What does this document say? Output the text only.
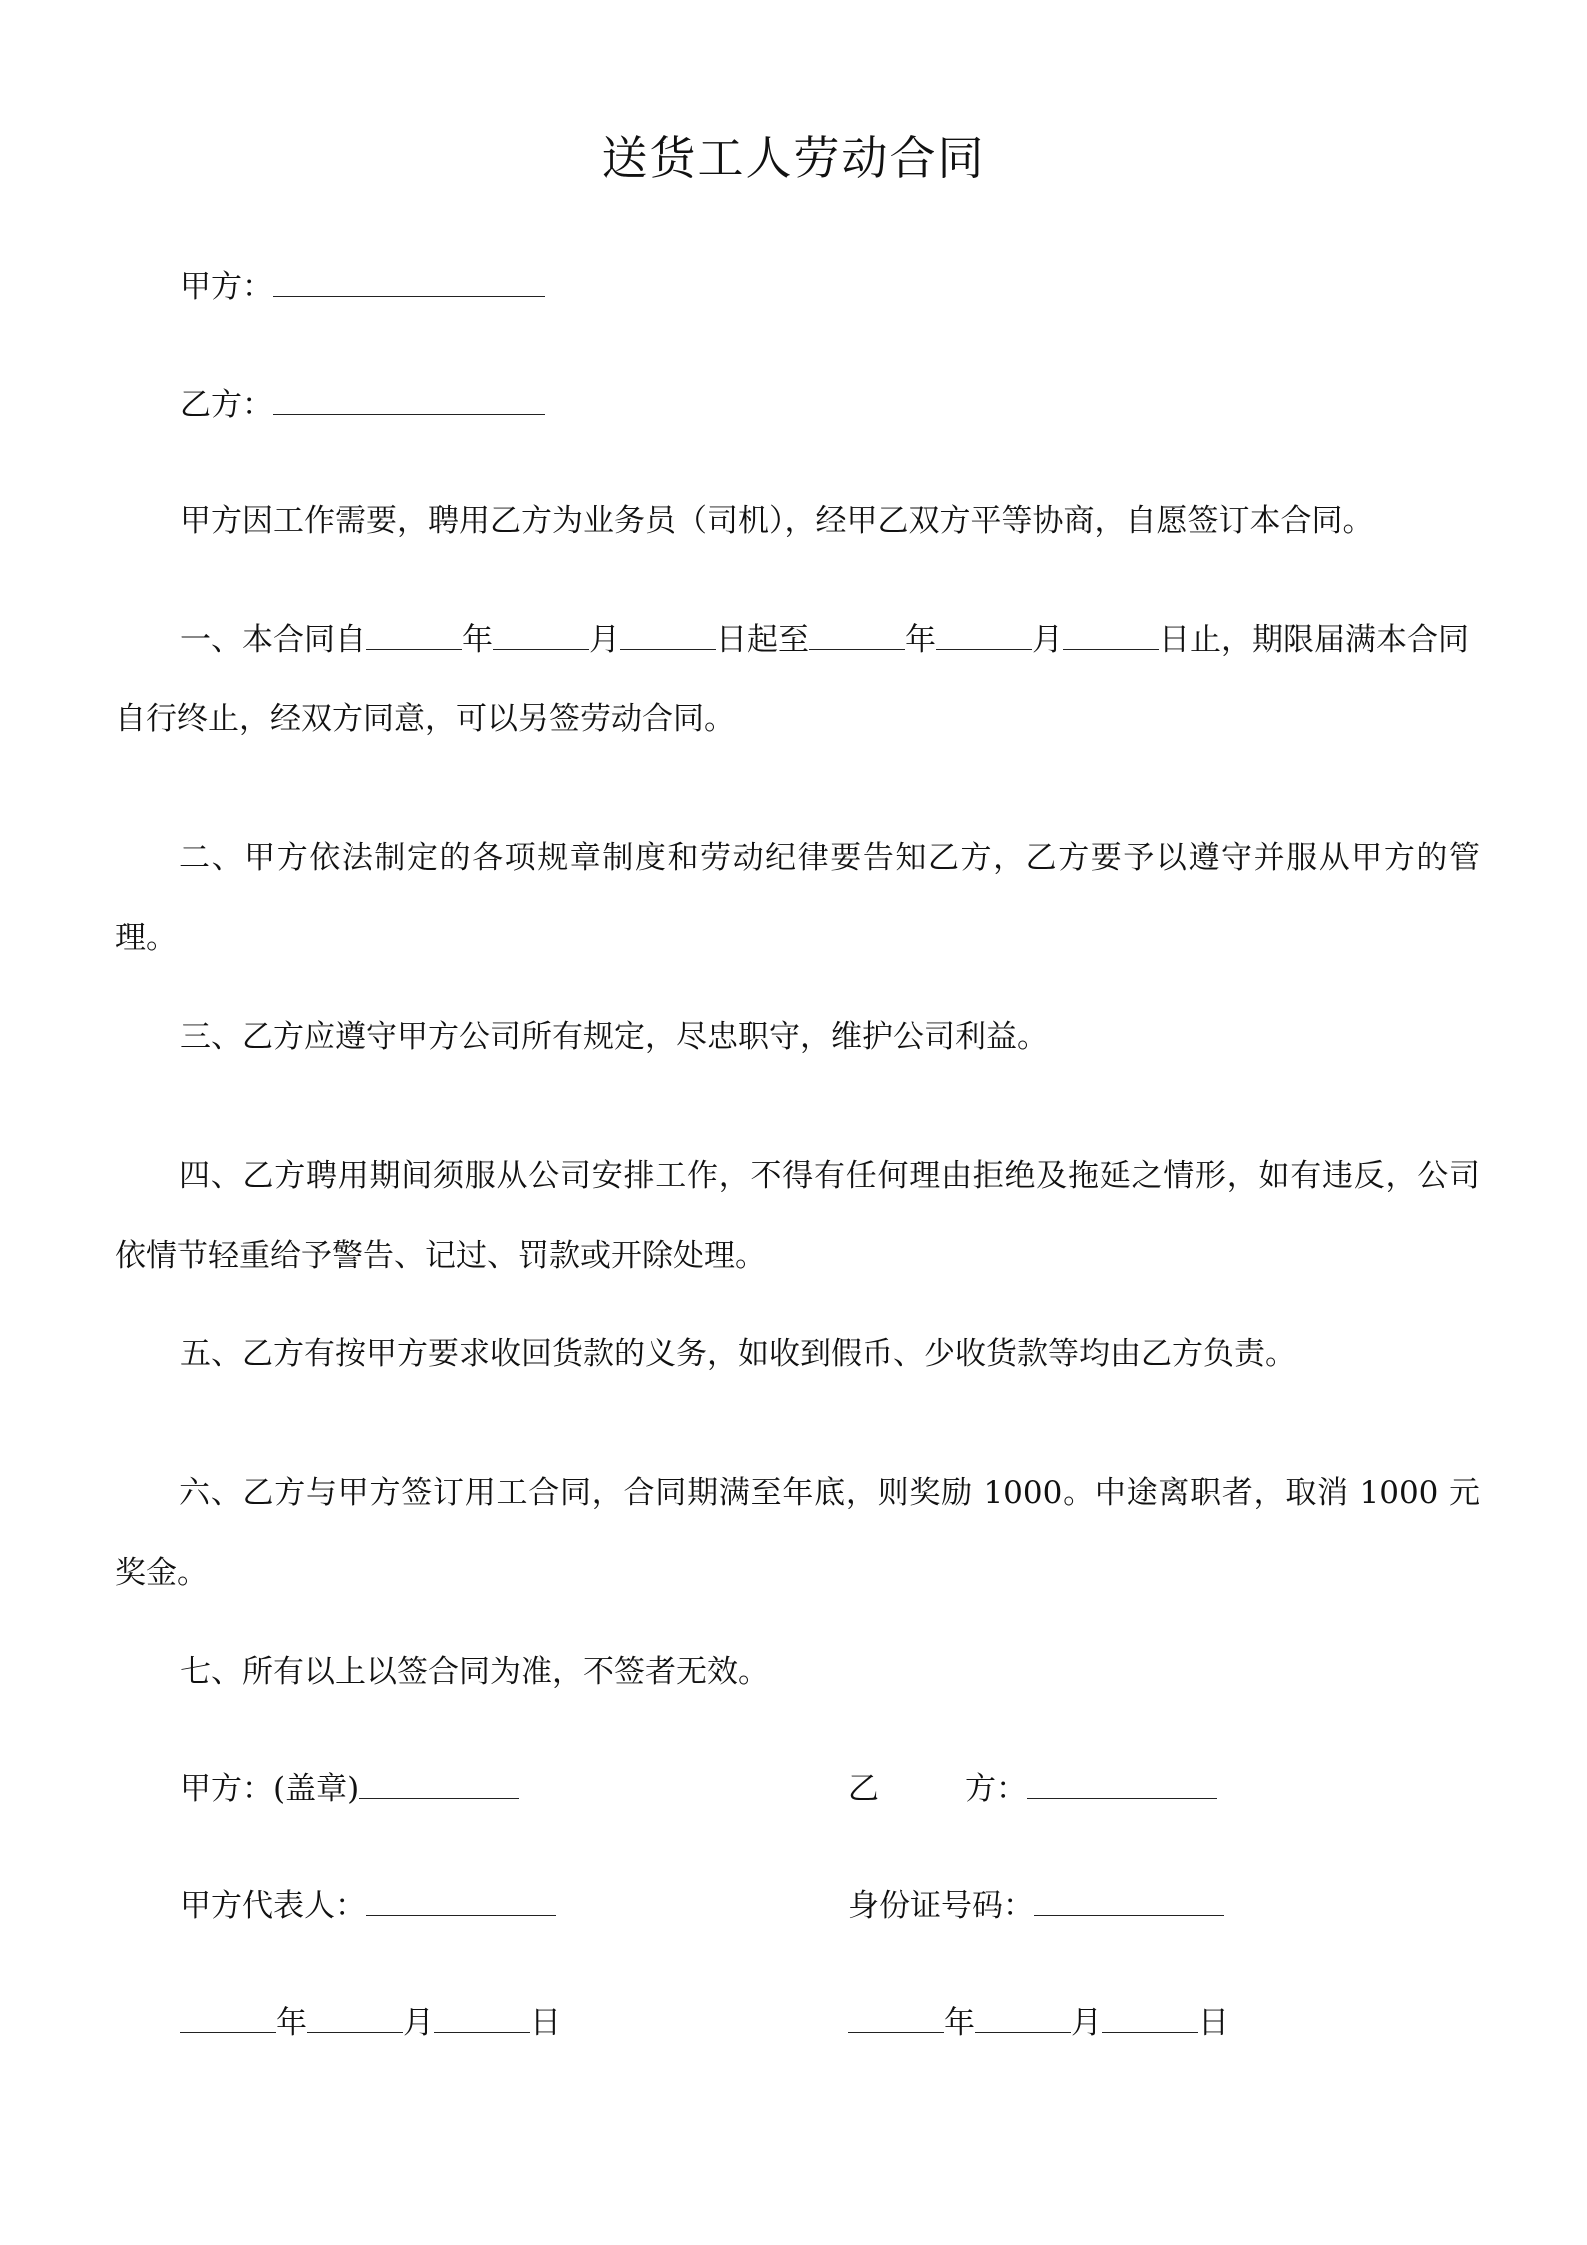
送货工人劳动合同
甲方：
乙方：
甲方因工作需要，聘用乙方为业务员（司机），经甲乙双方平等协商，自愿签订本合同。
一、本合同自	年	月	日起至	年	月	日止，期限届满本合同
自行终止，经双方同意，可以另签劳动合同。
二、甲方依法制定的各项规章制度和劳动纪律要告知乙方，乙方要予以遵守并服从甲方的管理。
三、乙方应遵守甲方公司所有规定，尽忠职守，维护公司利益。
四、乙方聘用期间须服从公司安排工作，不得有任何理由拒绝及拖延之情形，如有违反，公司依情节轻重给予警告、记过、罚款或开除处理。
五、乙方有按甲方要求收回货款的义务，如收到假币、少收货款等均由乙方负责。
六、乙方与甲方签订用工合同，合同期满至年底，则奖励 1000。中途离职者，取消 1000 元奖金。
七、所有以上以签合同为准，不签者无效。
甲方：(盖章)	乙	方：
甲方代表人：	身份证号码：
年	月	日	年	月	日
